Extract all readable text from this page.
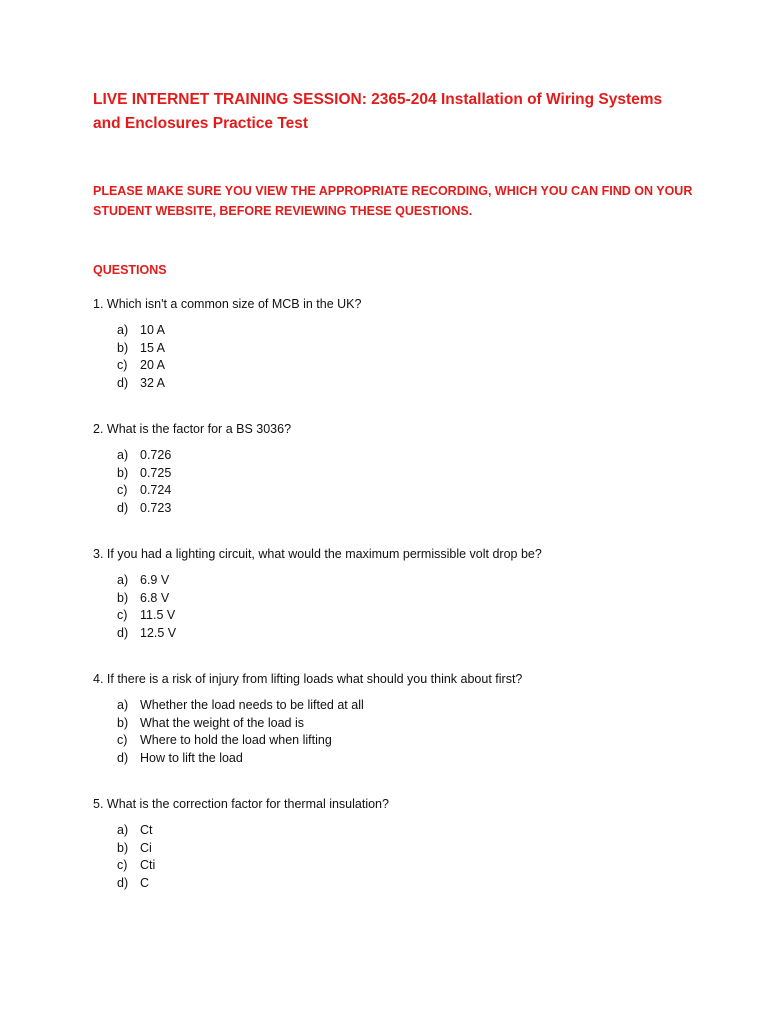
LIVE INTERNET TRAINING SESSION: 2365-204 Installation of Wiring Systems and Enclosures Practice Test

PLEASE MAKE SURE YOU VIEW THE APPROPRIATE RECORDING, WHICH YOU CAN FIND ON YOUR STUDENT WEBSITE, BEFORE REVIEWING THESE QUESTIONS.

QUESTIONS

1. Which isn't a common size of MCB in the UK?

a) 10 A
b) 15 A
c) 20 A
d) 32 A

2. What is the factor for a BS 3036?

a) 0.726
b) 0.725
c) 0.724
d) 0.723

3. If you had a lighting circuit, what would the maximum permissible volt drop be?

a) 6.9 V
b) 6.8 V
c) 11.5 V
d) 12.5 V

4. If there is a risk of injury from lifting loads what should you think about first?

a) Whether the load needs to be lifted at all
b) What the weight of the load is
c) Where to hold the load when lifting
d) How to lift the load

5. What is the correction factor for thermal insulation?

a) Ct
b) Ci
c) Cti
d) C
